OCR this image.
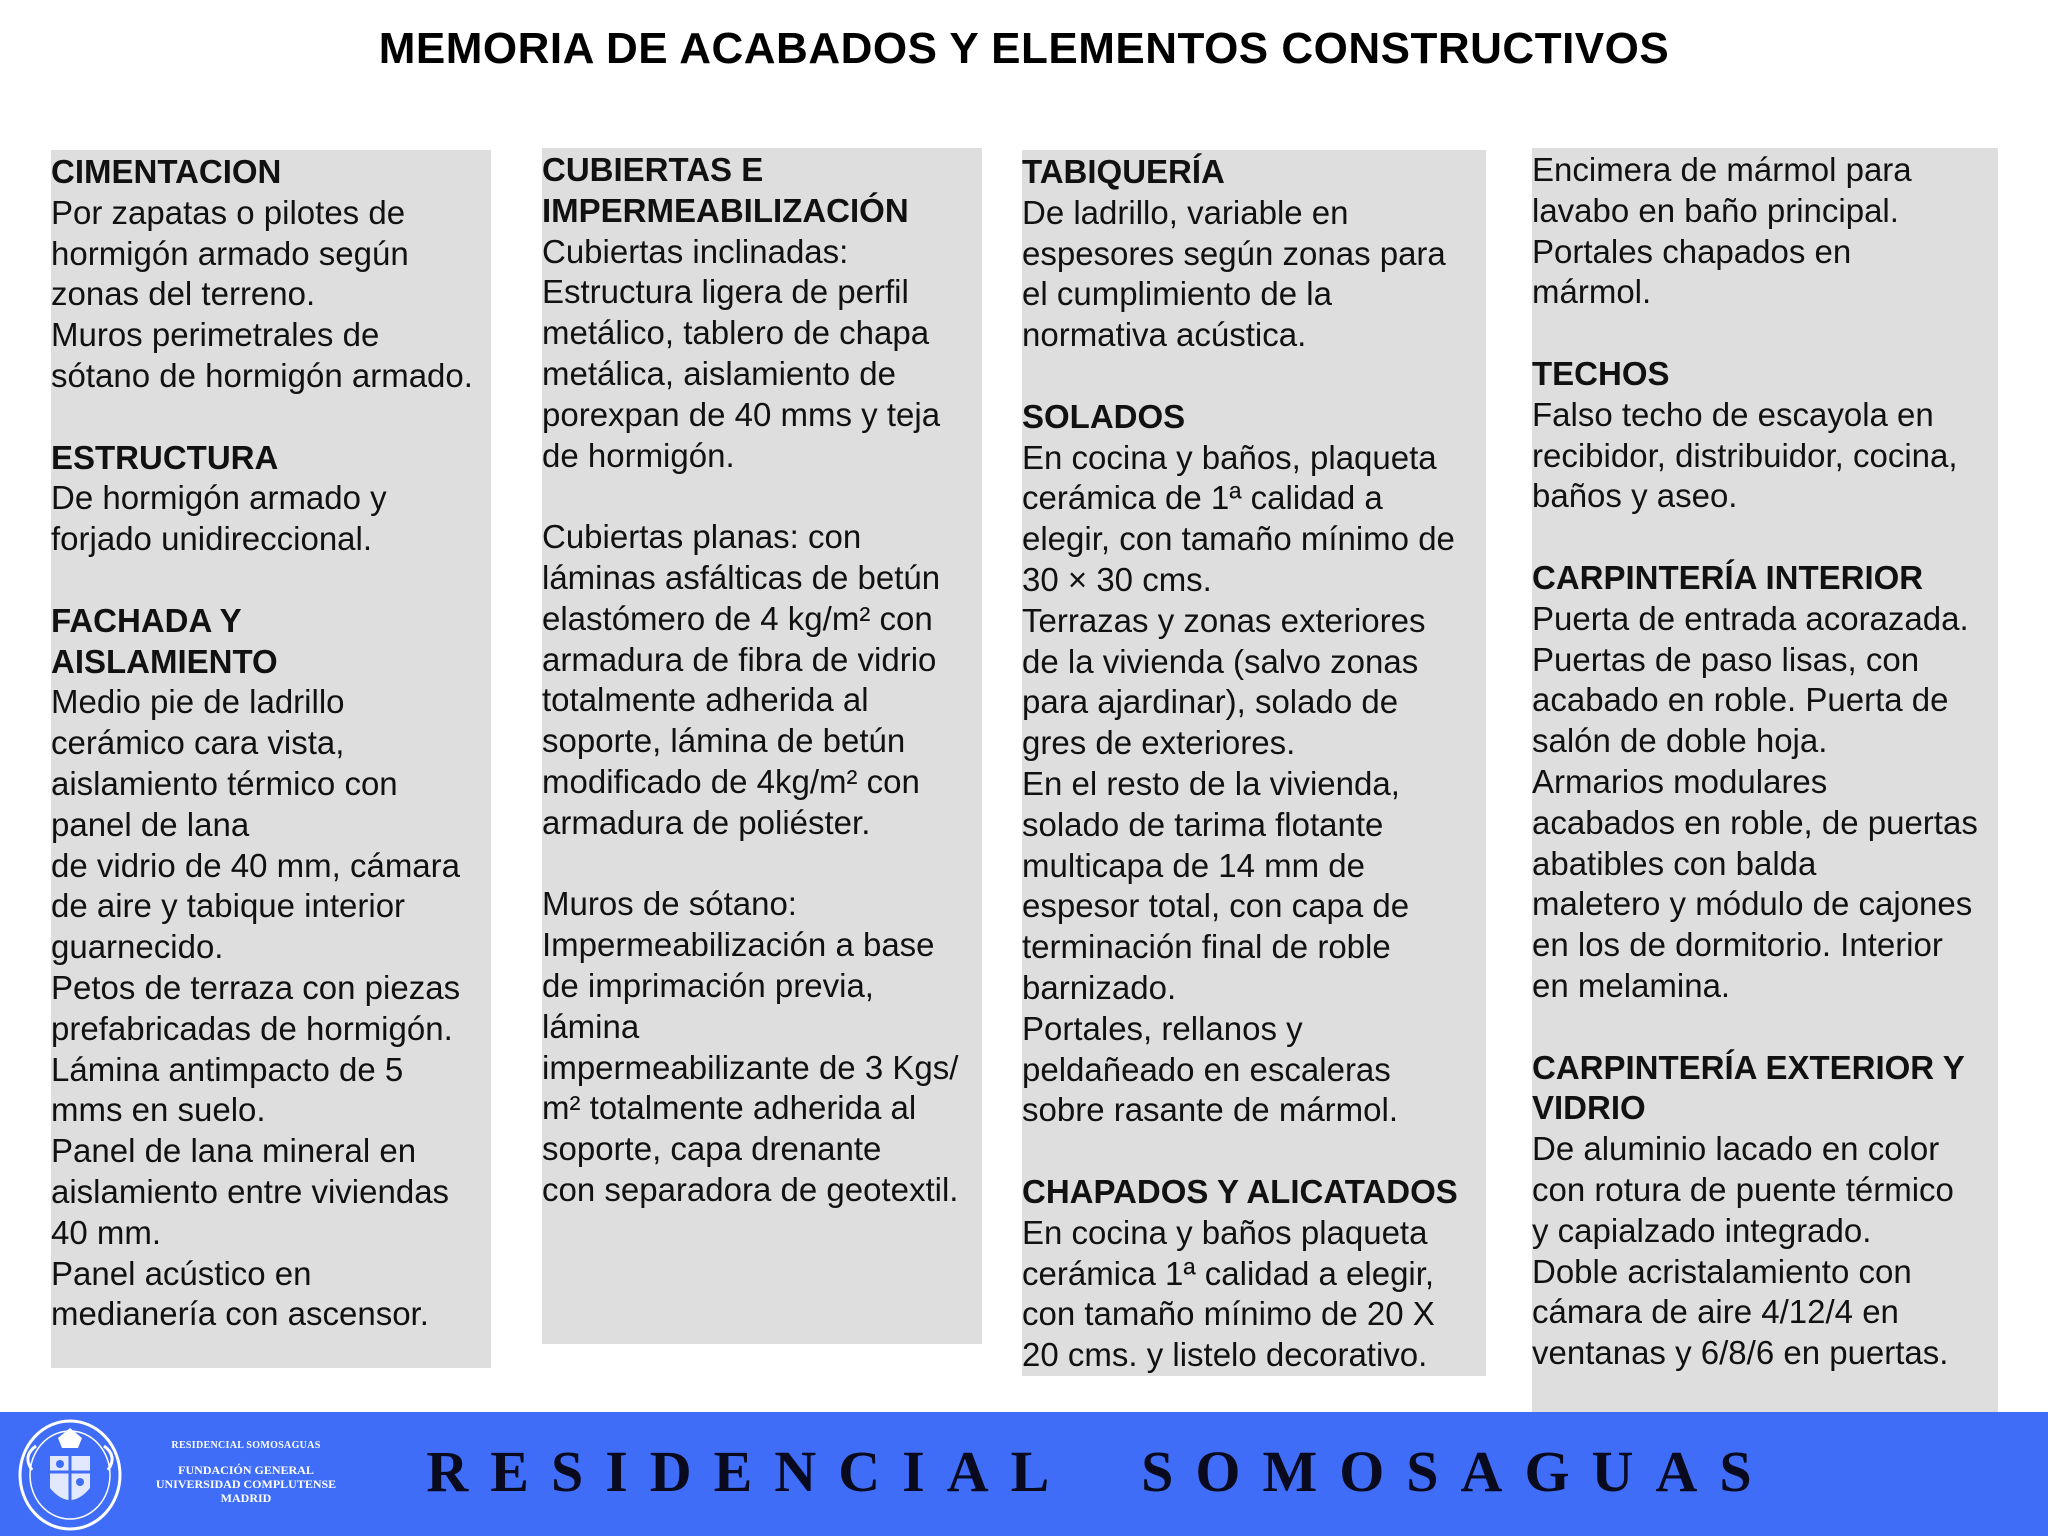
MEMORIA DE ACABADOS Y ELEMENTOS CONSTRUCTIVOS
CIMENTACION
Por zapatas o pilotes de
hormigón armado según
zonas del terreno.
Muros perimetrales de
sótano de hormigón armado.
ESTRUCTURA
De hormigón armado y
forjado unidireccional.
FACHADA Y
AISLAMIENTO
Medio pie de ladrillo
cerámico cara vista,
aislamiento térmico con
panel de lana
de vidrio de 40 mm, cámara
de aire y tabique interior
guarnecido.
Petos de terraza con piezas
prefabricadas de hormigón.
Lámina antimpacto de 5
mms en suelo.
Panel de lana mineral en
aislamiento entre viviendas
40 mm.
Panel acústico en
medianería con ascensor.
CUBIERTAS E
IMPERMEABILIZACIÓN
Cubiertas inclinadas:
Estructura ligera de perfil
metálico, tablero de chapa
metálica, aislamiento de
porexpan de 40 mms y teja
de hormigón.
Cubiertas planas: con
láminas asfálticas de betún
elastómero de 4 kg/m² con
armadura de fibra de vidrio
totalmente adherida al
soporte, lámina de betún
modificado de 4kg/m² con
armadura de poliéster.
Muros de sótano:
Impermeabilización a base
de imprimación previa,
lámina
impermeabilizante de 3 Kgs/
m² totalmente adherida al
soporte, capa drenante
con separadora de geotextil.
TABIQUERÍA
De ladrillo, variable en
espesores según zonas para
el cumplimiento de la
normativa acústica.
SOLADOS
En cocina y baños, plaqueta
cerámica de 1ª calidad a
elegir, con tamaño mínimo de
30 × 30 cms.
Terrazas y zonas exteriores
de la vivienda (salvo zonas
para ajardinar), solado de
gres de exteriores.
En el resto de la vivienda,
solado de tarima flotante
multicapa de 14 mm de
espesor total, con capa de
terminación final de roble
barnizado.
Portales, rellanos y
peldañeado en escaleras
sobre rasante de mármol.
CHAPADOS Y ALICATADOS
En cocina y baños plaqueta
cerámica 1ª calidad a elegir,
con tamaño mínimo de 20 X
20 cms. y listelo decorativo.
Encimera de mármol para
lavabo en baño principal.
Portales chapados en
mármol.
TECHOS
Falso techo de escayola en
recibidor, distribuidor, cocina,
baños y aseo.
CARPINTERÍA INTERIOR
Puerta de entrada acorazada.
Puertas de paso lisas, con
acabado en roble. Puerta de
salón de doble hoja.
Armarios modulares
acabados en roble, de puertas
abatibles con balda
maletero y módulo de cajones
en los de dormitorio. Interior
en melamina.
CARPINTERÍA EXTERIOR Y
VIDRIO
De aluminio lacado en color
con rotura de puente térmico
y capialzado integrado.
Doble acristalamiento con
cámara de aire 4/12/4 en
ventanas y 6/8/6 en puertas.
RESIDENCIAL SOMOSAGUAS
FUNDACIÓN GENERAL
UNIVERSIDAD COMPLUTENSE
MADRID	RESIDENCIAL  SOMOSAGUAS
